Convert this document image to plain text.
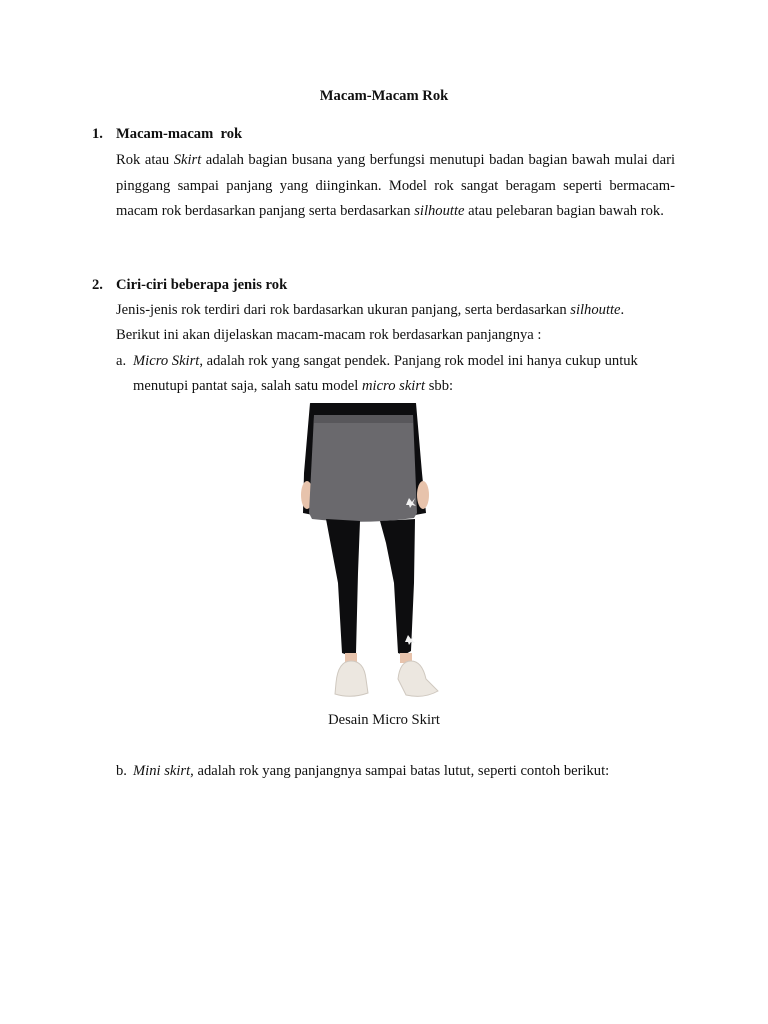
Macam-Macam Rok
1. Macam-macam  rok
Rok atau Skirt adalah bagian busana yang berfungsi menutupi badan bagian bawah mulai dari pinggang sampai panjang yang diinginkan. Model rok sangat beragam seperti bermacam-macam rok berdasarkan panjang serta berdasarkan silhoutte atau pelebaran bagian bawah rok.
2. Ciri-ciri beberapa jenis rok
Jenis-jenis rok terdiri dari rok bardasarkan ukuran panjang, serta berdasarkan silhoutte.
Berikut ini akan dijelaskan macam-macam rok berdasarkan panjangnya :
a. Micro Skirt, adalah rok yang sangat pendek. Panjang rok model ini hanya cukup untuk
menutupi pantat saja, salah satu model micro skirt sbb:
Desain Micro Skirt
b. Mini skirt, adalah rok yang panjangnya sampai batas lutut, seperti contoh berikut:
